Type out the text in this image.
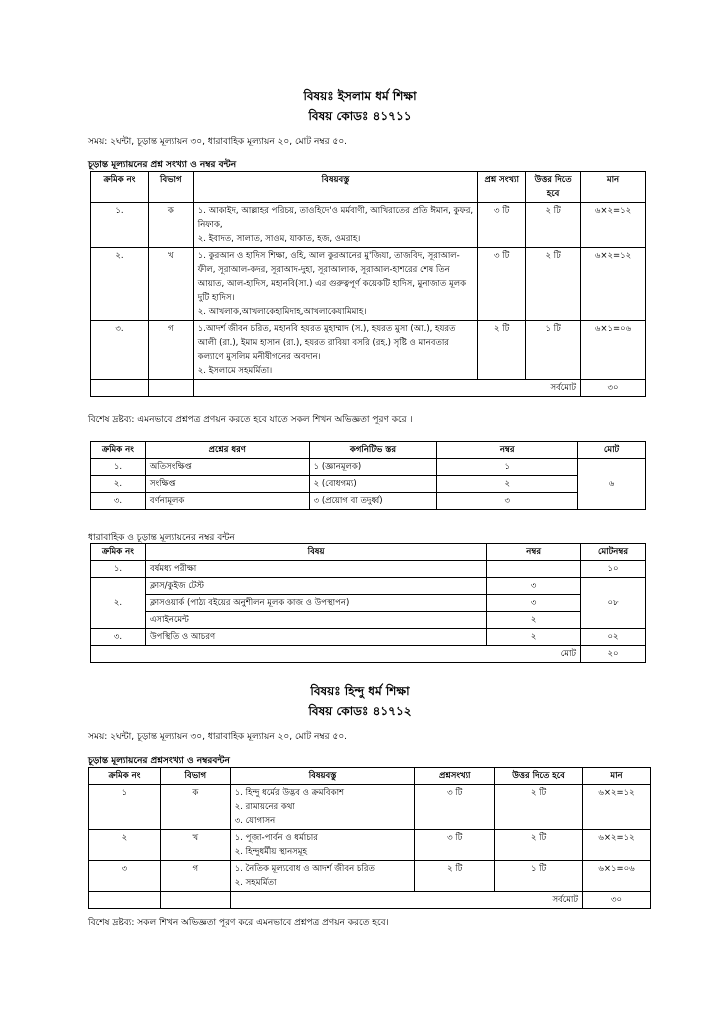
বিষয়ঃ ইসলাম ধর্ম শিক্ষা
বিষয় কোডঃ ৪১৭১১
সময়: ২ঘন্টা, চূড়ান্ত মূল্যায়ন ৩০, ধারাবাহিক মূল্যায়ন ২০, মোট নম্বর ৫০.
চূড়ান্ত মূল্যায়নের প্রশ্ন সংখ্যা ও নম্বর বন্টন
ক্রমিক নং	বিভাগ	বিষয়বস্তু	প্রশ্ন সংখ্যা	উত্তর দিতে হবে	মান
১.	ক	১. আকাইদ, আল্লাহর পরিচয়, তাওহিদে'ও মর্মবাণী, আখিরাতের প্রতি ঈমান, কুফর, নিফাক,
২. ইবাদত, সালাত, সাওম, যাকাত, হজ, ওমরাহ।	৩ টি	২ টি	৬×২=১২
২.	খ	১. কুরআন ও হাদিস শিক্ষা, ওহি, আল কুরআনের মু'জিযা, তাজবিদ, সূরাআল-ফীল, সূরাআল-কদর, সূরাআদ-দুহা, সূরাআলাক, সূরাআল-হাশরের শেষ তিন আয়াত, আল-হাদিস, মহানবি(সা.) এর গুরুত্বপূর্ণ কয়েকটি হাদিস, মুনাজাত মূলক দুটি হাদিস।
২. আখলাক,আখলাকেহামিদাহ,আখলাকেযামিমাহ।	৩ টি	২ টি	৬×২=১২
৩.	গ	১.আদর্শ জীবন চরিত, মহানবি হযরত মুহাম্মাদ (স.), হযরত মুসা (আ.), হযরত আলী (রা.), ইমাম হাসান (রা.), হযরত রাবিয়া বসরি (রহ.) সৃষ্টি ও মানবতার কল্যাণে মুসলিম মনীষীগনের অবদান।
২. ইসলামে সহমর্মিতা।	২ টি	১ টি	৬×১=০৬
		সর্বমোট			৩০
বিশেষ দ্রষ্টব্য: এমনভাবে প্রশ্নপত্র প্রণয়ন করতে হবে যাতে সকল শিখন অভিজ্ঞতা পূরণ করে ।
ক্রমিক নং	প্রশ্নের ধরণ	কগনিটিভ স্তর	নম্বর	মোট
১.	অতিসংক্ষিপ্ত	১ (জ্ঞানমূলক)	১	৬
২.	সংক্ষিপ্ত	২ (বোধগম্য)	২	
৩.	বর্ণনামূলক	৩ (প্রয়োগ বা তদুর্ধ্ব)	৩	
ধারাবাহিক ও চূড়ান্ত মূল্যায়নের নম্বর বন্টন
ক্রমিক নং	বিষয়	নম্বর	মোটনম্বর
১.	বর্ষমধ্য পরীক্ষা		১০
২.	ক্লাস/কুইজ টেস্ট	৩	০৮
	ক্লাসওয়ার্ক (পাঠ্য বইয়ের অনুশীলন মূলক কাজ ও উপস্থাপন)	৩	
	এসাইনমেন্ট	২	
৩.	উপস্থিতি ও আচরণ	২	০২
মোট			২০
বিষয়ঃ হিন্দু ধর্ম শিক্ষা
বিষয় কোডঃ ৪১৭১২
সময়: ২ঘন্টা, চূড়ান্ত মূল্যায়ন ৩০, ধারাবাহিক মূল্যায়ন ২০, মোট নম্বর ৫০.
চূড়ান্ত মূল্যায়নের প্রশ্নসংখ্যা ও নম্বরবন্টন
ক্রমিক নং	বিভাগ	বিষয়বস্তু	প্রশ্নসংখ্যা	উত্তর দিতে হবে	মান
১	ক	১. হিন্দু ধর্মের উদ্ভব ও ক্রমবিকাশ
২. রামায়নের কথা
৩. যোগাসন	৩ টি	২ টি	৬×২=১২
২	খ	১. পূজা-পার্বন ও ধর্মাচার
২. হিন্দুধর্মীয় স্থানসমূহ	৩ টি	২ টি	৬×২=১২
৩	গ	১. নৈতিক মূল্যবোধ ও আদর্শ জীবন চরিত
২. সহমর্মিতা	২ টি	১ টি	৬×১=০৬
		সর্বমোট			৩০
বিশেষ দ্রষ্টব্য: সকল শিখন অভিজ্ঞতা পূরণ করে এমনভাবে প্রশ্নপত্র প্রণয়ন করতে হবে।
